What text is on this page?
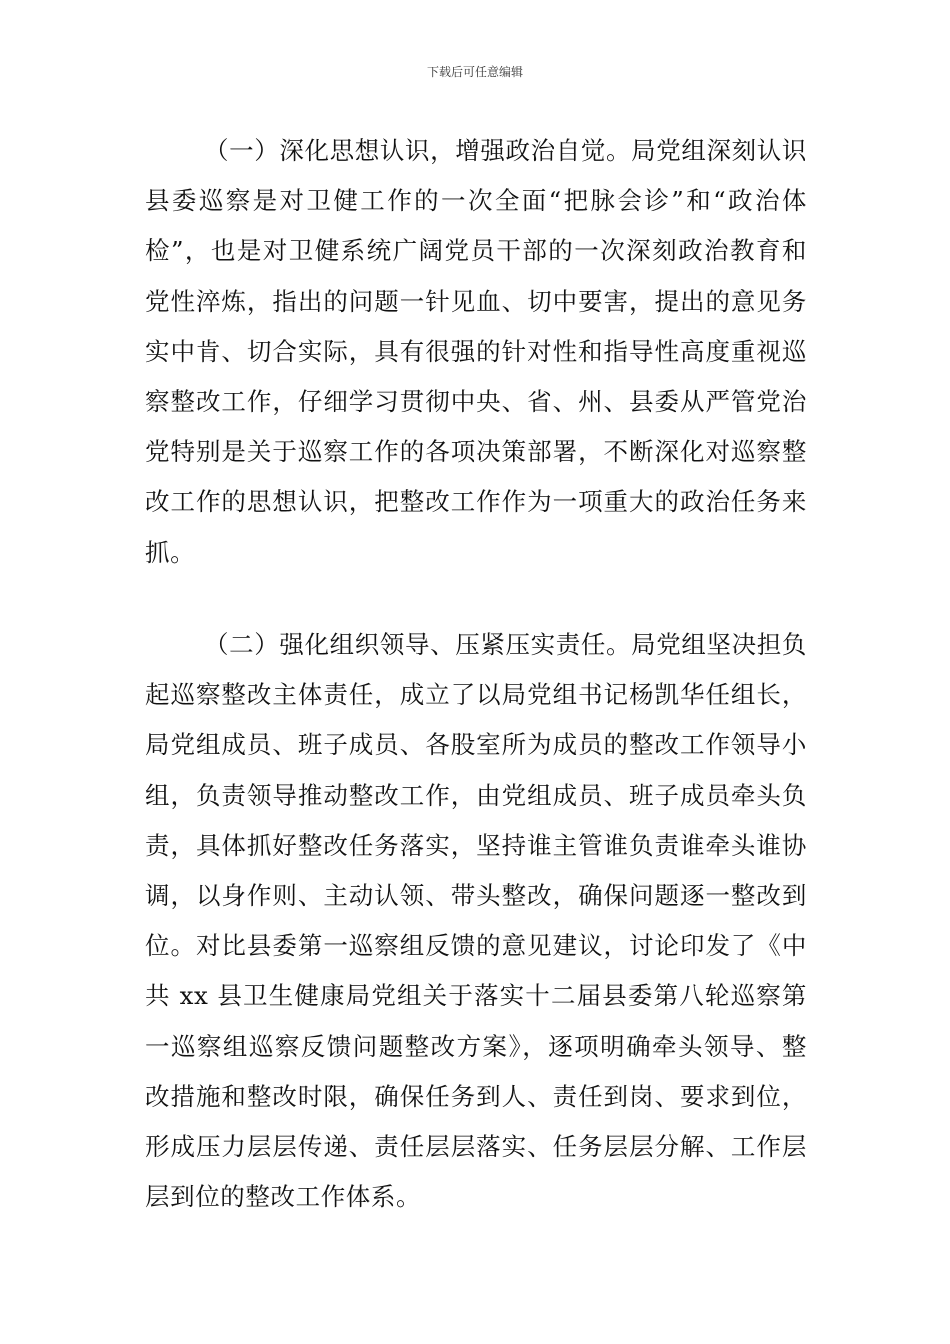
下载后可任意编辑

（一）深化思想认识，增强政治自觉。局党组深刻认识县委巡察是对卫健工作的一次全面“把脉会诊”和“政治体检”，也是对卫健系统广阔党员干部的一次深刻政治教育和党性淬炼，指出的问题一针见血、切中要害，提出的意见务实中肯、切合实际，具有很强的针对性和指导性高度重视巡察整改工作，仔细学习贯彻中央、省、州、县委从严管党治党特别是关于巡察工作的各项决策部署，不断深化对巡察整改工作的思想认识，把整改工作作为一项重大的政治任务来抓。

（二）强化组织领导、压紧压实责任。局党组坚决担负起巡察整改主体责任，成立了以局党组书记杨凯华任组长，局党组成员、班子成员、各股室所为成员的整改工作领导小组，负责领导推动整改工作，由党组成员、班子成员牵头负责，具体抓好整改任务落实，坚持谁主管谁负责谁牵头谁协调，以身作则、主动认领、带头整改，确保问题逐一整改到位。对比县委第一巡察组反馈的意见建议，讨论印发了《中共 xx 县卫生健康局党组关于落实十二届县委第八轮巡察第一巡察组巡察反馈问题整改方案》，逐项明确牵头领导、整改措施和整改时限，确保任务到人、责任到岗、要求到位，形成压力层层传递、责任层层落实、任务层层分解、工作层层到位的整改工作体系。
